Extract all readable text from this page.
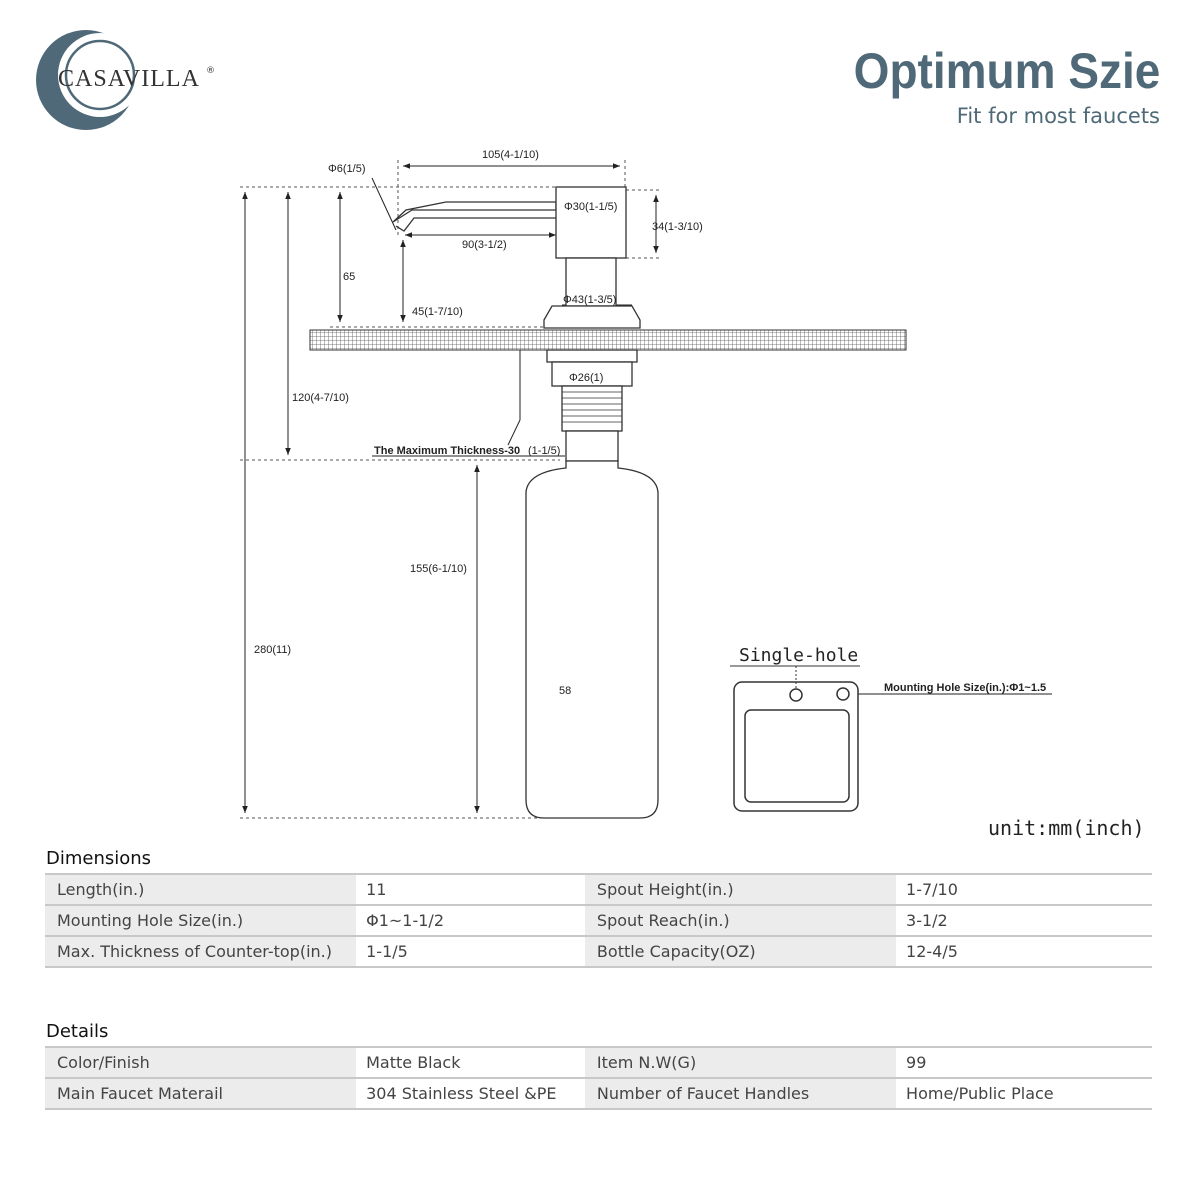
CASAVILLA ®	Optimum Szie
Fit for most faucets
Φ6(1/5)
105(4-1/10)
Φ30(1-1/5)
34(1-3/10)
90(3-1/2)
65
45(1-7/10)
Φ43(1-3/5)
Φ26(1)
120(4-7/10)
280(11)
155(6-1/10)
58
The Maximum Thickness-30 (1-1/5)
Single-hole
Mounting Hole Size(in.):Φ1~1.5
unit:mm(inch)
Dimensions
Length(in.)	11	Spout Height(in.)	1-7/10
Mounting Hole Size(in.)	Φ1~1-1/2	Spout Reach(in.)	3-1/2
Max. Thickness of Counter-top(in.)	1-1/5	Bottle Capacity(OZ)	12-4/5
Details
Color/Finish	Matte Black	Item N.W(G)	99
Main Faucet Materail	304 Stainless Steel &PE	Number of Faucet Handles	Home/Public Place
